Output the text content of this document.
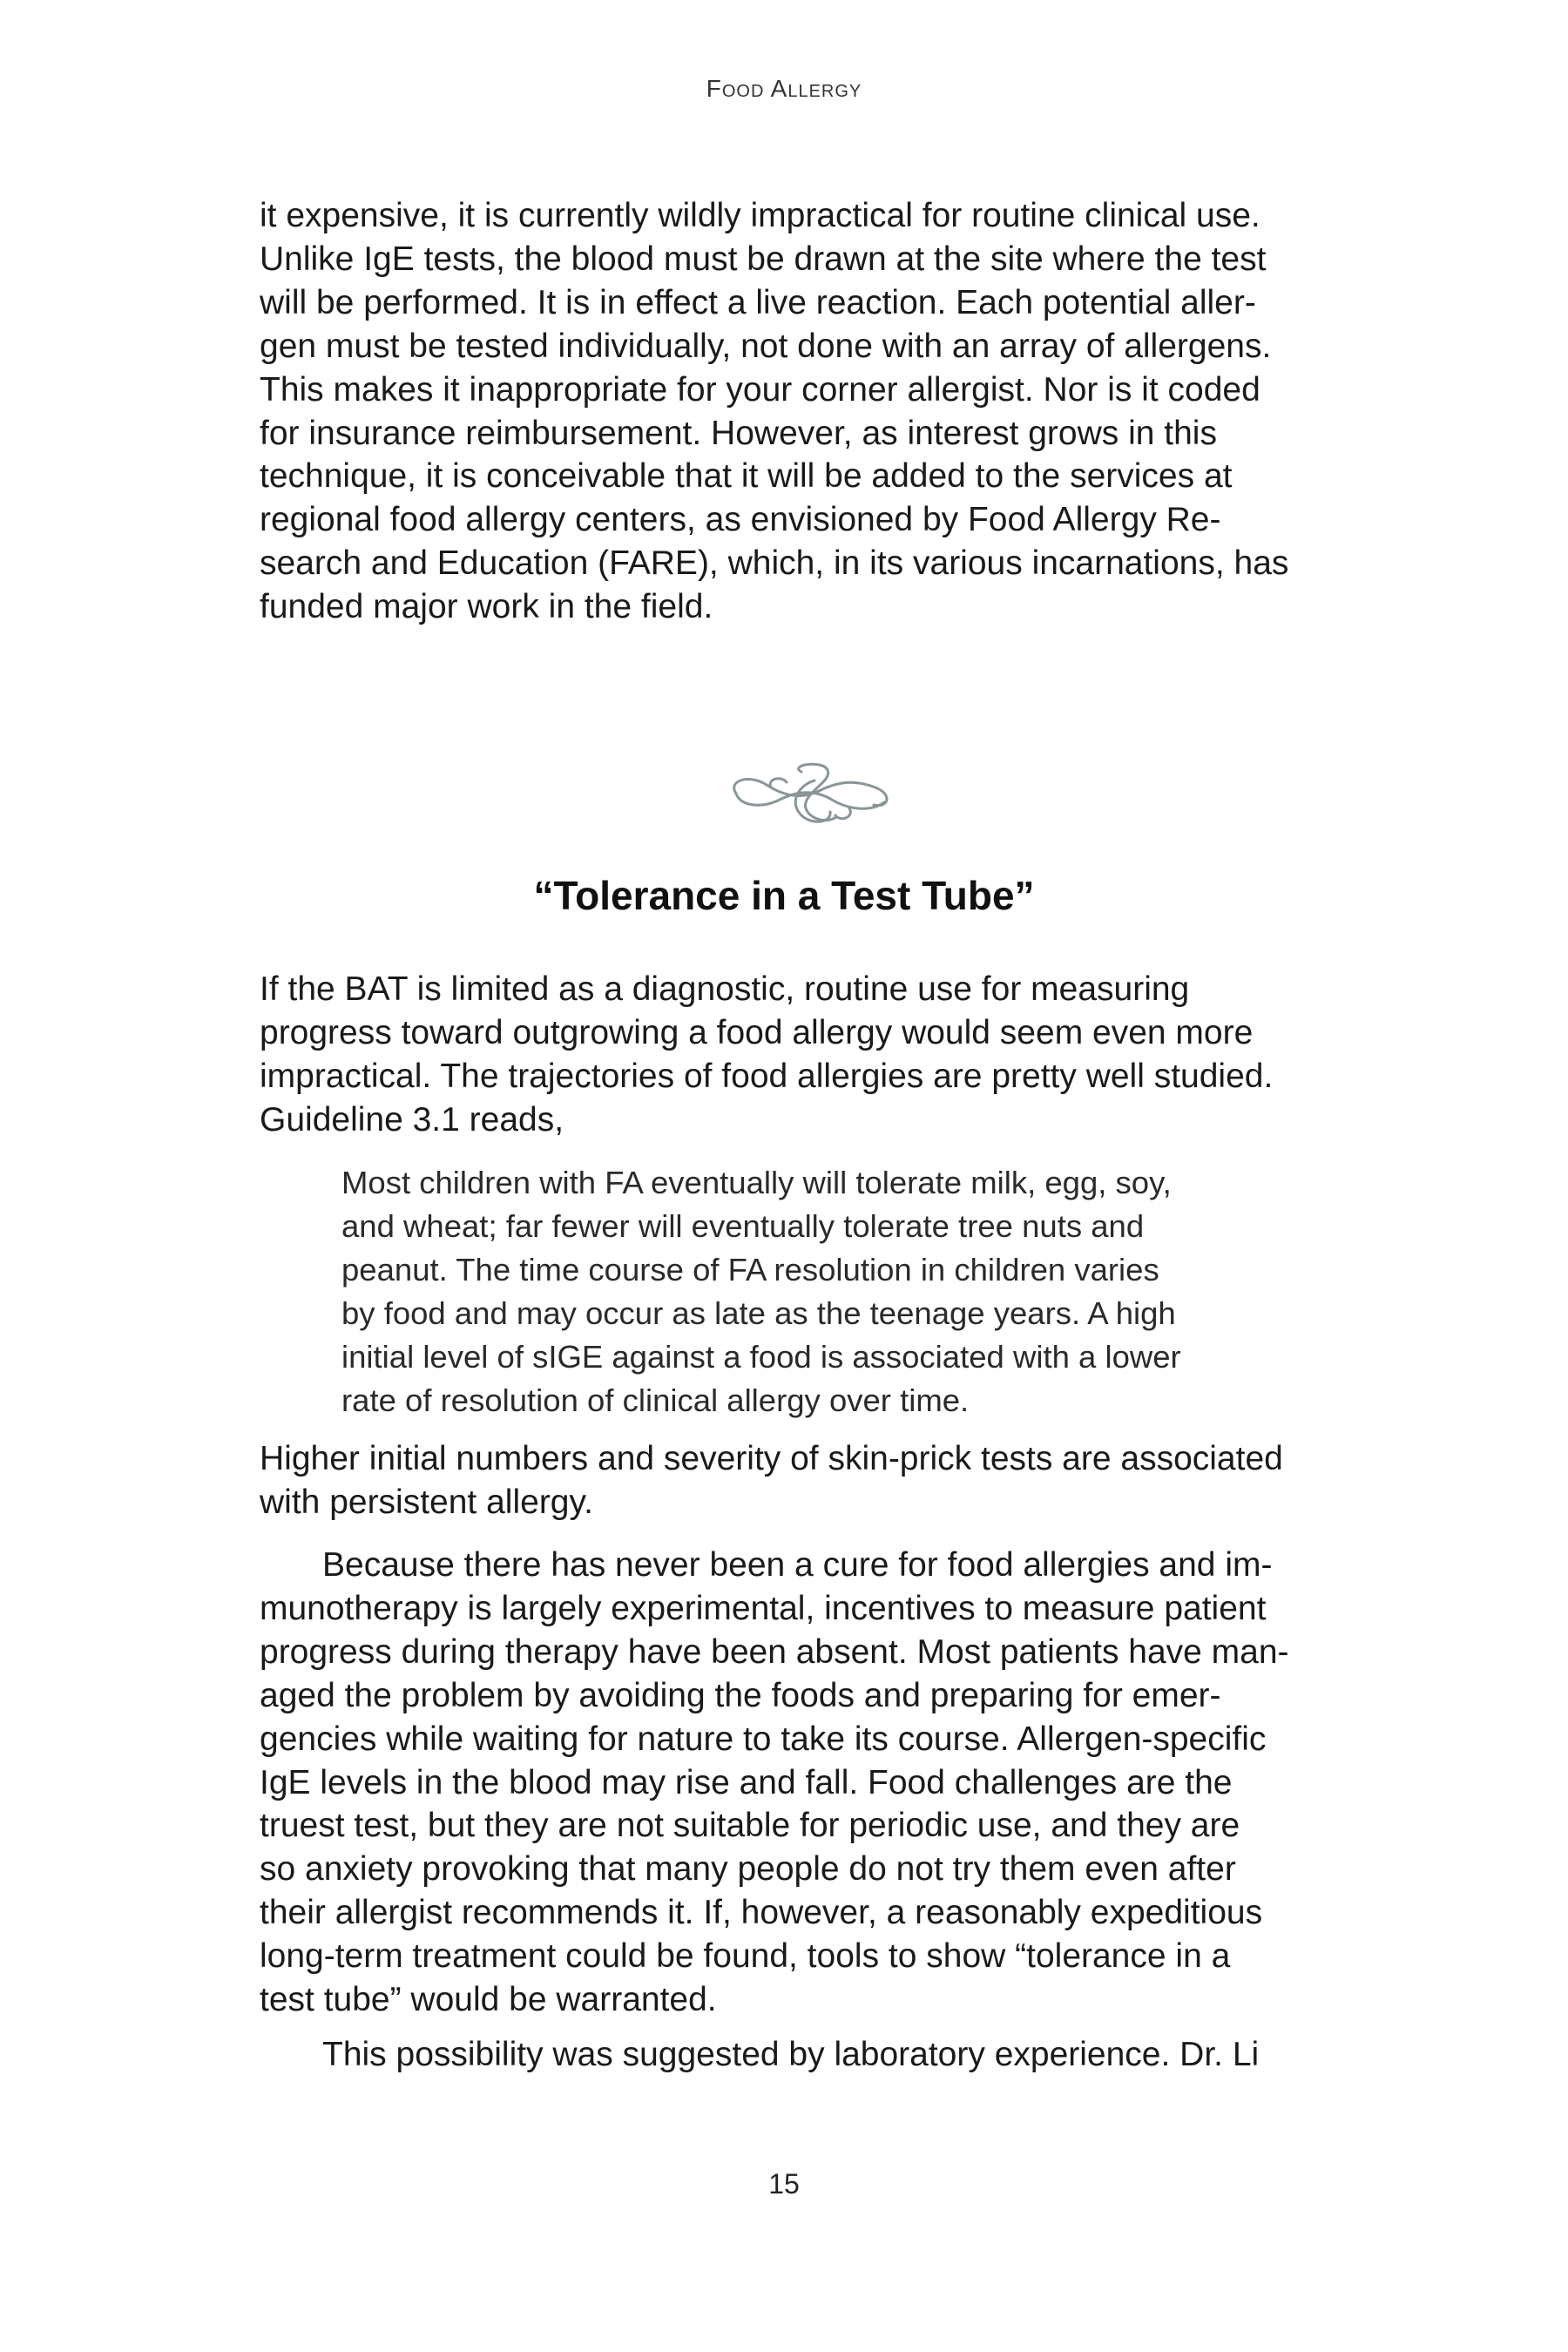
Food Allergy
it expensive, it is currently wildly impractical for routine clinical use.
Unlike IgE tests, the blood must be drawn at the site where the test
will be performed. It is in effect a live reaction. Each potential aller-
gen must be tested individually, not done with an array of allergens.
This makes it inappropriate for your corner allergist. Nor is it coded
for insurance reimbursement. However, as interest grows in this
technique, it is conceivable that it will be added to the services at
regional food allergy centers, as envisioned by Food Allergy Re-
search and Education (FARE), which, in its various incarnations, has
funded major work in the field.
“Tolerance in a Test Tube”
If the BAT is limited as a diagnostic, routine use for measuring
progress toward outgrowing a food allergy would seem even more
impractical. The trajectories of food allergies are pretty well studied.
Guideline 3.1 reads,
Most children with FA eventually will tolerate milk, egg, soy,
and wheat; far fewer will eventually tolerate tree nuts and
peanut. The time course of FA resolution in children varies
by food and may occur as late as the teenage years. A high
initial level of sIGE against a food is associated with a lower
rate of resolution of clinical allergy over time.
Higher initial numbers and severity of skin-prick tests are associated
with persistent allergy.
Because there has never been a cure for food allergies and im-
munotherapy is largely experimental, incentives to measure patient
progress during therapy have been absent. Most patients have man-
aged the problem by avoiding the foods and preparing for emer-
gencies while waiting for nature to take its course. Allergen-specific
IgE levels in the blood may rise and fall. Food challenges are the
truest test, but they are not suitable for periodic use, and they are
so anxiety provoking that many people do not try them even after
their allergist recommends it. If, however, a reasonably expeditious
long-term treatment could be found, tools to show “tolerance in a
test tube” would be warranted.
This possibility was suggested by laboratory experience. Dr. Li
15
